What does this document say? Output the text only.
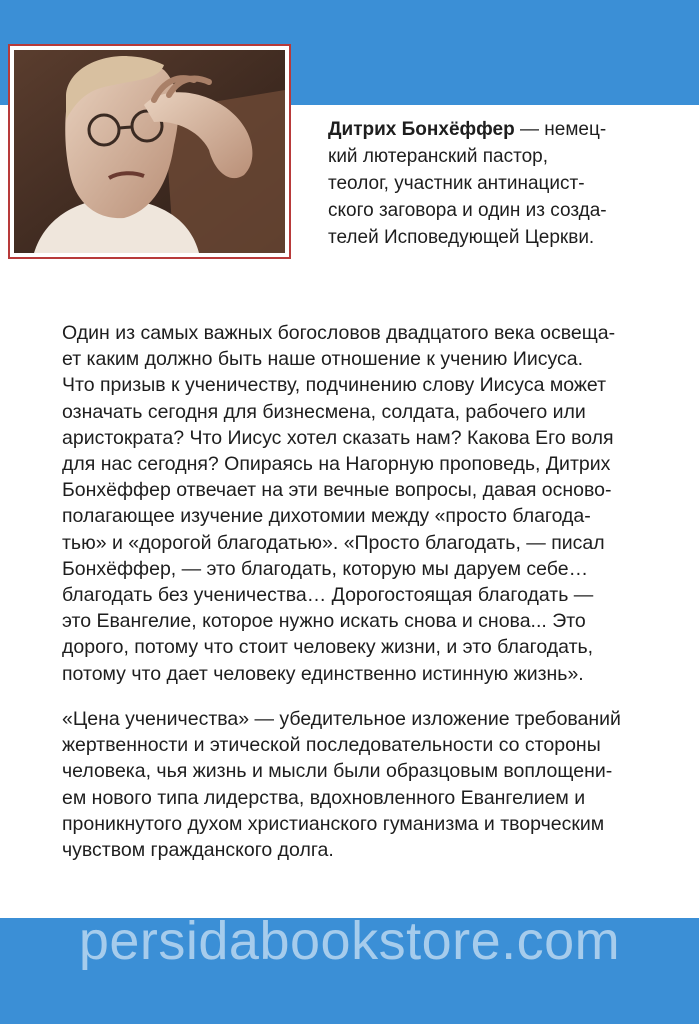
Дитрих Бонхёффер — немец-
кий лютеранский пастор,
теолог, участник антинацист-
ского заговора и один из созда-
телей Исповедующей Церкви.
Один из самых важных богословов двадцатого века освеща-
ет каким должно быть наше отношение к учению Иисуса.
Что призыв к ученичеству, подчинению слову Иисуса может
означать сегодня для бизнесмена, солдата, рабочего или
аристократа? Что Иисус хотел сказать нам? Какова Его воля
для нас сегодня? Опираясь на Нагорную проповедь, Дитрих
Бонхёффер отвечает на эти вечные вопросы, давая осново-
полагающее изучение дихотомии между «просто благода-
тью» и «дорогой благодатью». «Просто благодать, — писал
Бонхёффер, — это благодать, которую мы даруем себе…
благодать без ученичества… Дорогостоящая благодать —
это Евангелие, которое нужно искать снова и снова... Это
дорого, потому что стоит человеку жизни, и это благодать,
потому что дает человеку единственно истинную жизнь».
«Цена ученичества» — убедительное изложение требований
жертвенности и этической последовательности со стороны
человека, чья жизнь и мысли были образцовым воплощени-
ем нового типа лидерства, вдохновленного Евангелием и
проникнутого духом христианского гуманизма и творческим
чувством гражданского долга.
persidabookstore.com
